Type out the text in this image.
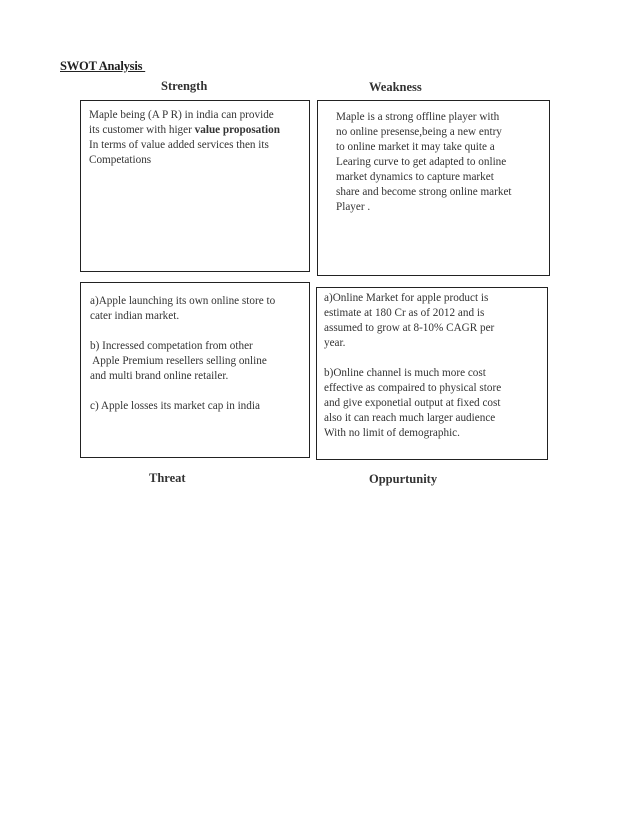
SWOT Analysis
Strength	Weakness
Maple being (A P R) in india can provide
its customer with higer value proposation
In terms of value added services then its
Competations
Maple is a strong offline player with
no online presense,being a new entry
to online market it may take quite a
Learing curve to get adapted to online
market dynamics to capture market
share and become strong online market
Player .
a)Apple launching its own online store to
cater indian market.
b) Incressed competation from other
Apple Premium resellers selling online
and multi brand online retailer.
c) Apple losses its market cap in india
a)Online Market for apple product is
estimate at 180 Cr as of 2012 and is
assumed to grow at 8-10% CAGR per
year.
b)Online channel is much more cost
effective as compaired to physical store
and give exponetial output at fixed cost
also it can reach much larger audience
With no limit of demographic.
Threat	Oppurtunity
